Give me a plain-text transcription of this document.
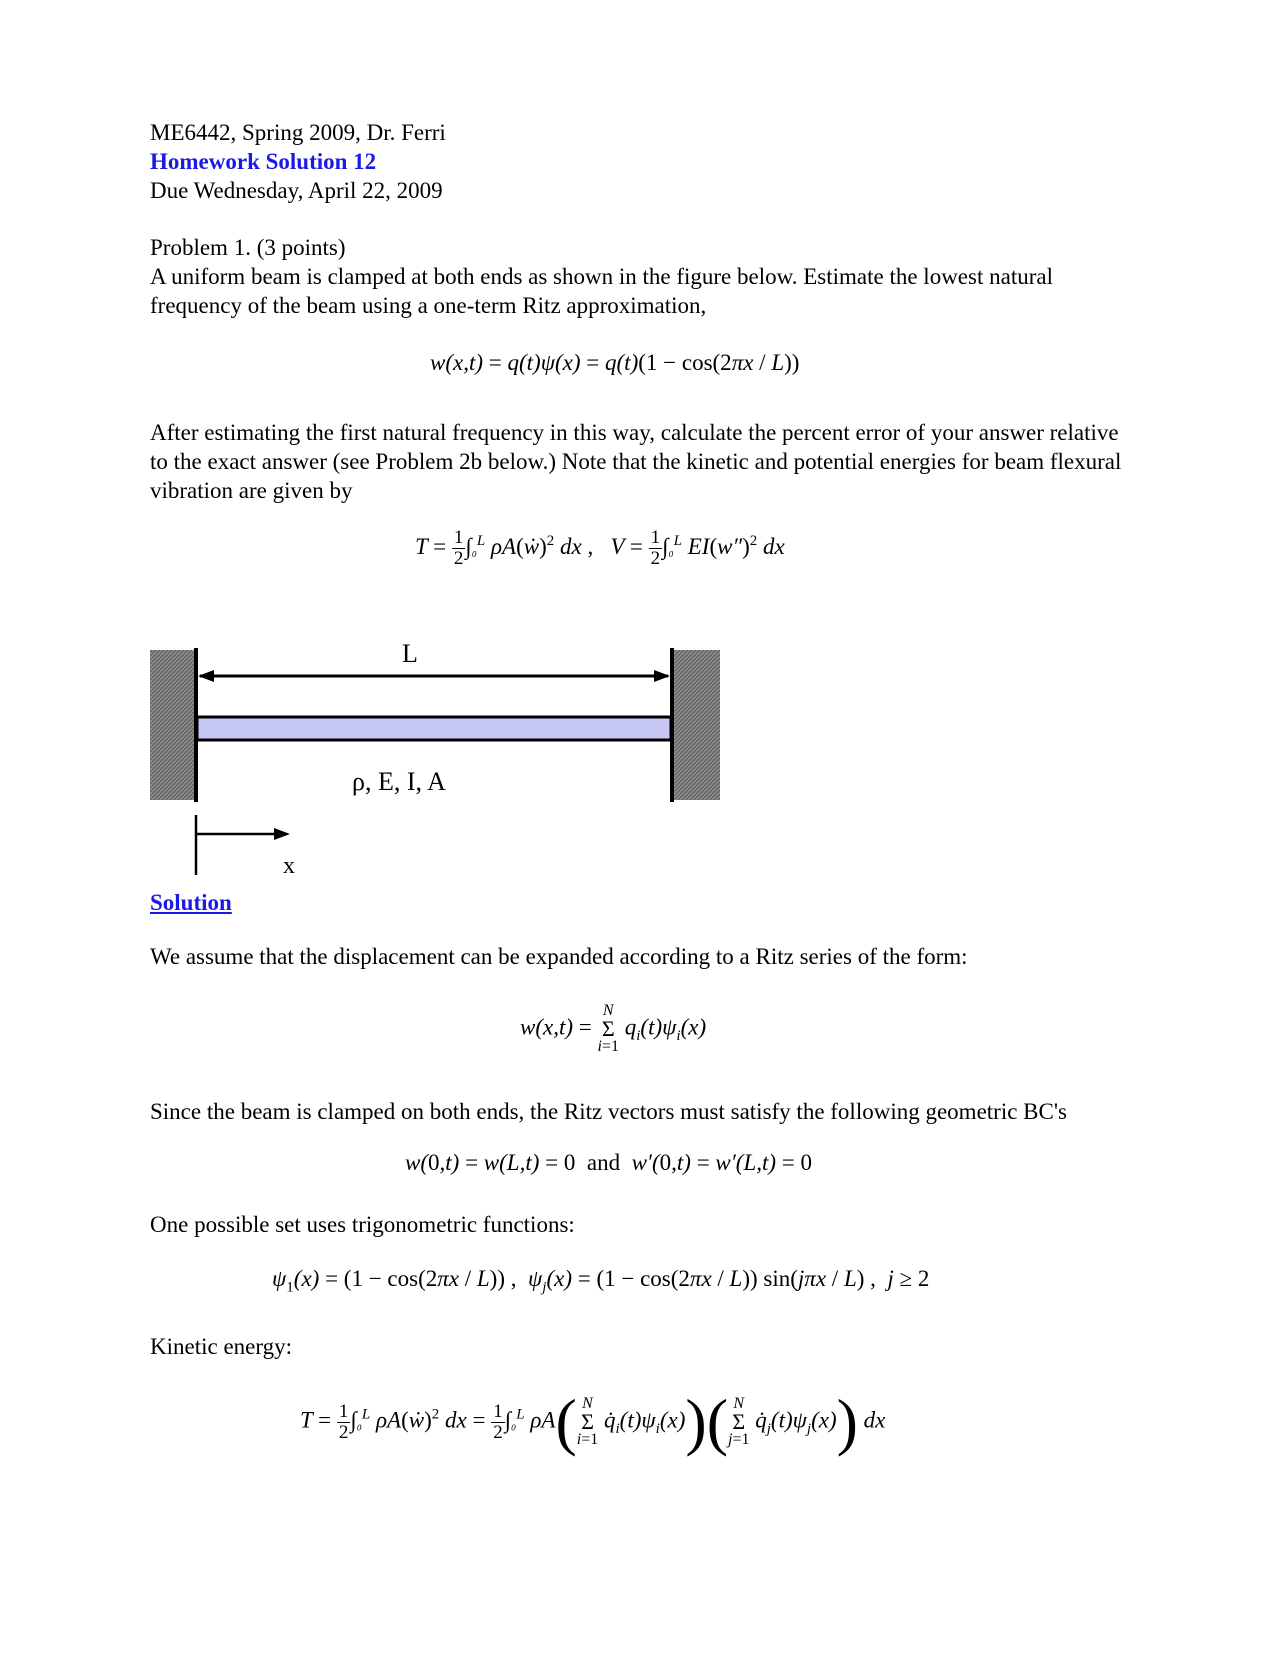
ME6442, Spring 2009, Dr. Ferri
Homework Solution 12
Due Wednesday, April 22, 2009
Problem 1. (3 points)
A uniform beam is clamped at both ends as shown in the figure below. Estimate the lowest natural frequency of the beam using a one-term Ritz approximation,
w(x,t) = q(t)ψ(x) = q(t)(1 − cos(2πx / L))
After estimating the first natural frequency in this way, calculate the percent error of your answer relative to the exact answer (see Problem 2b below.) Note that the kinetic and potential energies for beam flexural vibration are given by
$T = \frac{1}{2} \int_0^L$ ρA(ẇ)$^2$ dx ,   $V = \frac{1}{2} \int_0^L$ $EI(w'')^2$ dx
L
ρ, E, I, A
x
Solution
We assume that the displacement can be expanded according to a Ritz series of the form:
w(x,t) =
N
Σ
i=1
$q_i(t)\psi_i(x)$
Since the beam is clamped on both ends, the Ritz vectors must satisfy the following geometric BC's
w(0,t) = w(L,t) = 0 and  w′(0,t) = w′(L,t) = 0
One possible set uses trigonometric functions:
$\psi_1(x) = (1 - \cos(2\pi x / L))$ ,  $\psi_j(x) = (1 - \cos(2\pi x / L))$ sin(jπx / L) ,  j ≥ 2
Kinetic energy:
$T = \frac{1}{2} \int_0^L$ ρA(ẇ)$^2$ dx = $\frac{1}{2} \int_0^L$ ρA( N
Σ
i=1
$q̇_i(t)\psi_i(x)$)( N
Σ
j=1
$q̇_j(t)\psi_j(x)$) dx
